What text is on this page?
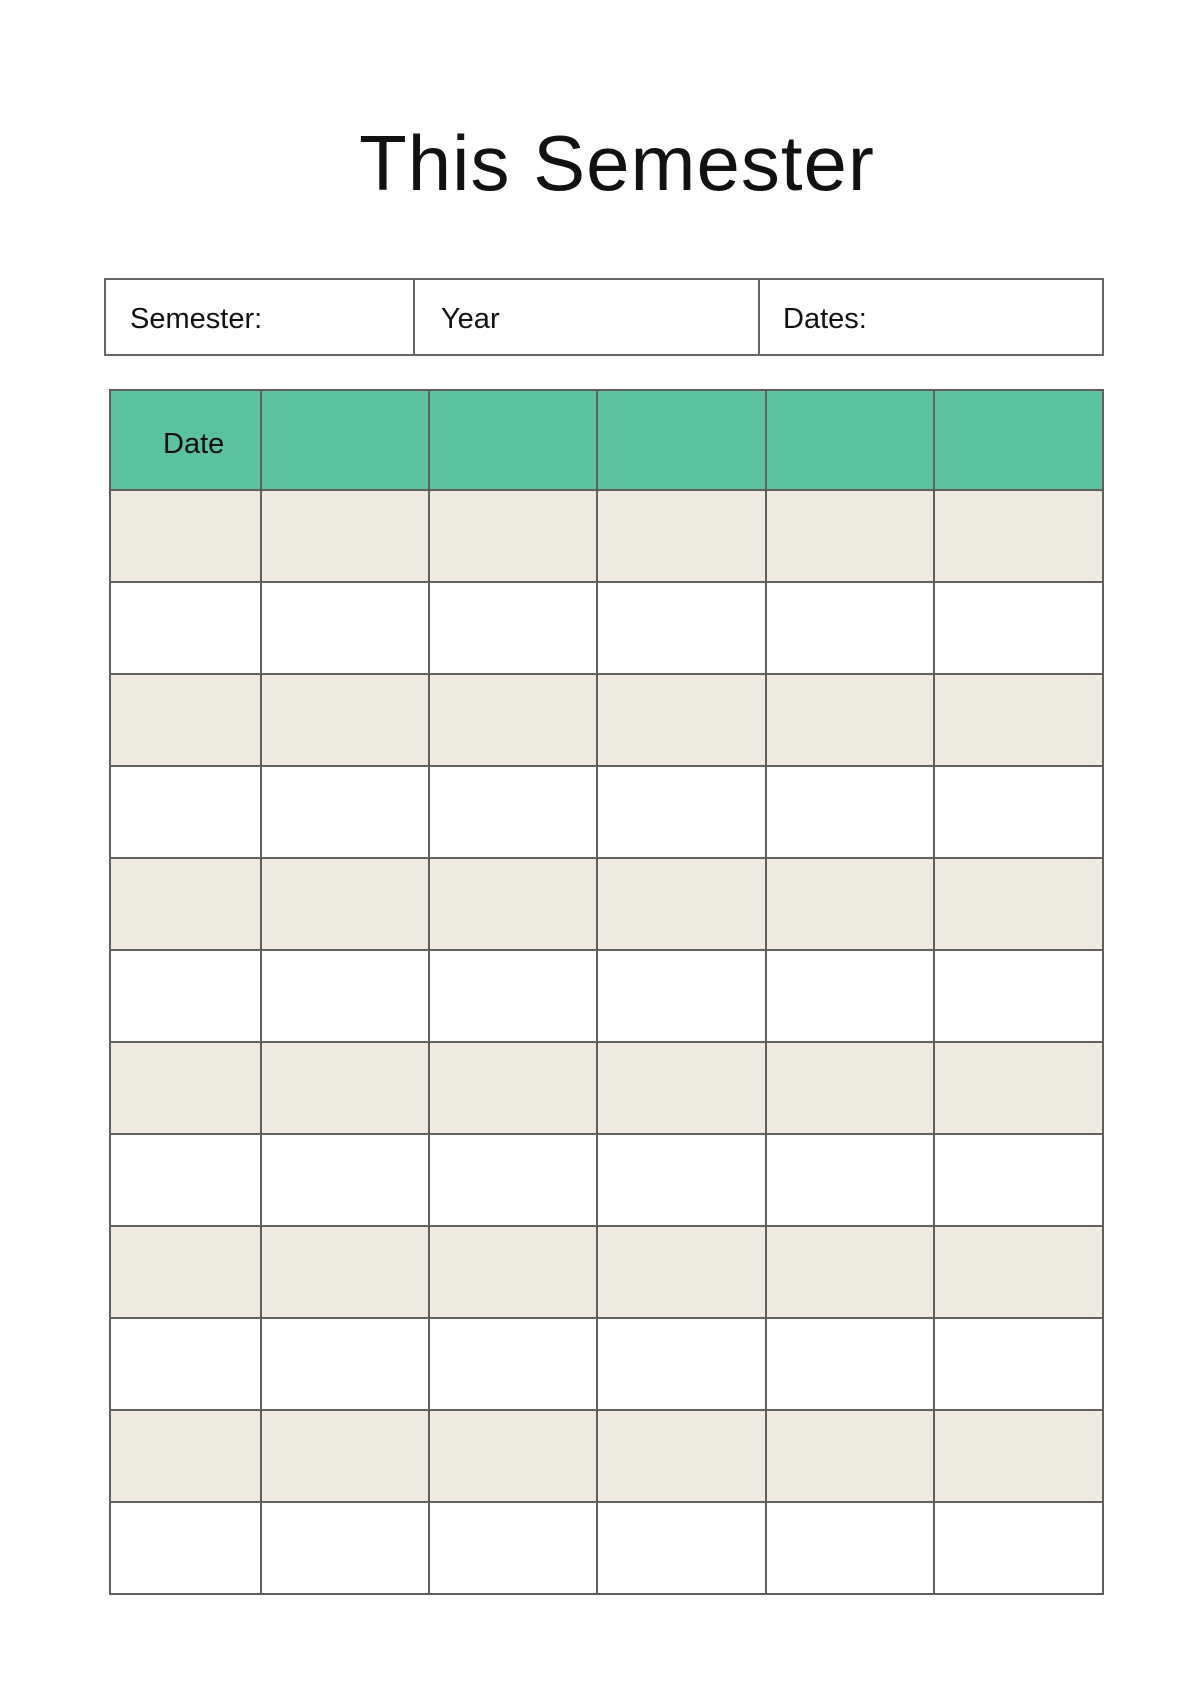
This Semester
Semester:	Year	Dates:
Date					
